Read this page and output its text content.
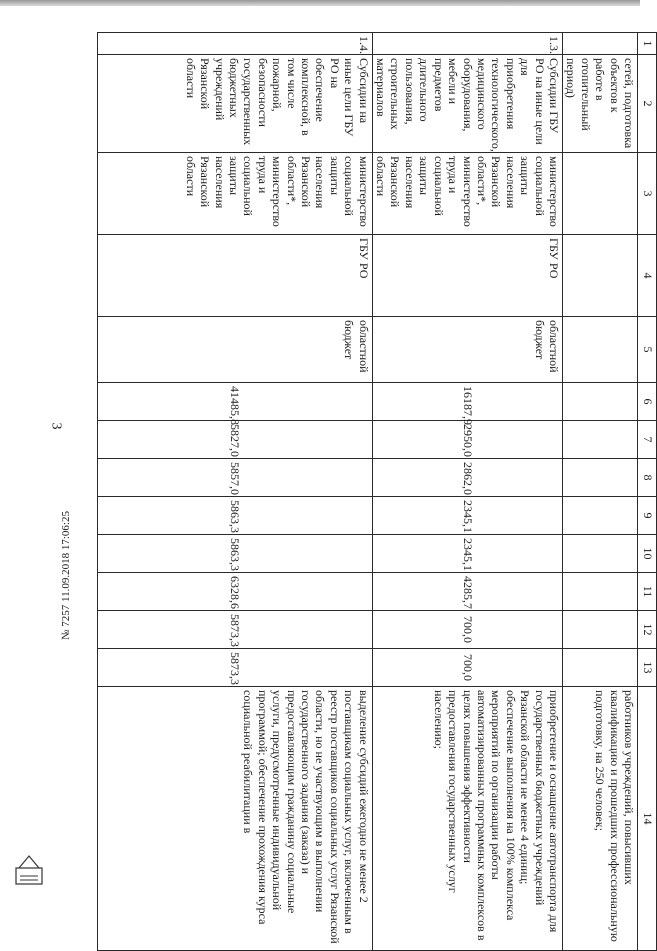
3
№ 7257 11.09.2018 17:06:25
1	2	3	4	5	6	7	8	9	10	11	12	13	14
	сетей, подготовка объектов к работе в отопительный период)												работников учреждений, повысивших квалификацию и прошедших профессиональную подготовку, на 250 человек;
1.3.	Субсидии ГБУ РО на иные цели для приобретения технологического, медицинского оборудования, мебели и предметов длительного пользования, строительных материалов	министерство социальной защиты населения Рязанской области*, министерство труда и социальной защиты населения Рязанской области	ГБУ РО	областной бюджет	16187,9	2950,0	2862,0	2345,1	2345,1	4285,7	700,0	700,0	приобретение и оснащение автотранспорта для государственных бюджетных учреждений Рязанской области не менее 4 единиц; обеспечение выполнения на 100% комплекса мероприятий по организации работы автоматизированных программных комплексов в целях повышения эффективности предоставления государственных услуг населению;
1.4.	Субсидии на иные цели ГБУ РО на обеспечение комплексной, в том числе пожарной, безопасности государственных бюджетных учреждений Рязанской области	министерство социальной защиты населения Рязанской области*, министерство труда и социальной защиты населения Рязанской области	ГБУ РО	областной бюджет	41485,8	5827,0	5857,0	5863,3	5863,3	6328,6	5873,3	5873,3	выделение субсидий ежегодно не менее 2 поставщикам социальных услуг, включенным в реестр поставщиков социальных услуг Рязанской области, но не участвующим в выполнении государственного задания (заказа) и предоставляющим гражданину социальные услуги, предусмотренные индивидуальной программой; обеспечение прохождения курса социальной реабилитации в
